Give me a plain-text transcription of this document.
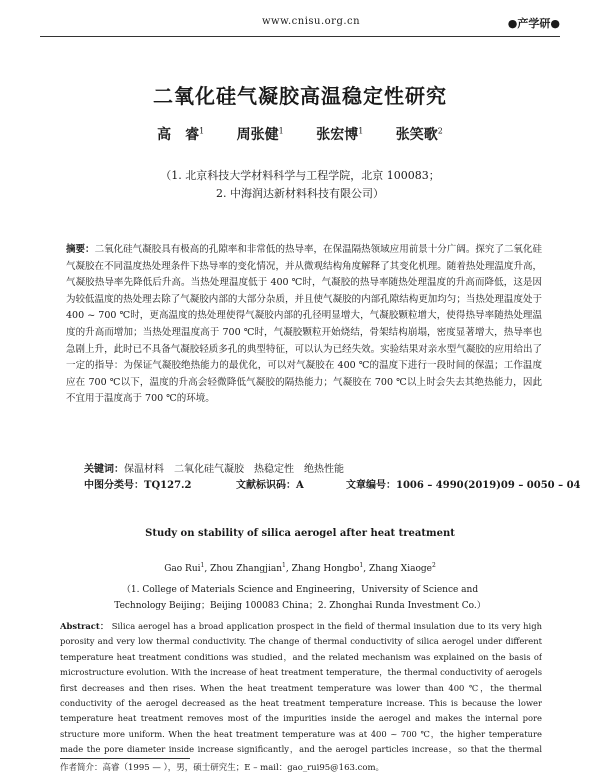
www.cnisu.org.cn	●产学研●
二氧化硅气凝胶高温稳定性研究
高　睿$^1$ 周张健$^1$ 张宏博$^1$ 张笑歌$^2$
（1. 北京科技大学材料科学与工程学院，北京 100083；
2. 中海润达新材料科技有限公司）
摘要：二氧化硅气凝胶具有极高的孔隙率和非常低的热导率，在保温隔热领域应用前景十分广阔。探究了二氧化硅气凝胶在不同温度热处理条件下热导率的变化情况，并从微观结构角度解释了其变化机理。随着热处理温度升高，气凝胶热导率先降低后升高。当热处理温度低于 400 ℃时，气凝胶的热导率随热处理温度的升高而降低，这是因为较低温度的热处理去除了气凝胶内部的大部分杂质，并且使气凝胶的内部孔隙结构更加均匀；当热处理温度处于 400 ~ 700 ℃时，更高温度的热处理使得气凝胶内部的孔径明显增大，气凝胶颗粒增大，使得热导率随热处理温度的升高而增加；当热处理温度高于 700 ℃时，气凝胶颗粒开始烧结，骨架结构崩塌，密度显著增大，热导率也急剧上升，此时已不具备气凝胶轻质多孔的典型特征，可以认为已经失效。实验结果对亲水型气凝胶的应用给出了一定的指导：为保证气凝胶绝热能力的最优化，可以对气凝胶在 400 ℃的温度下进行一段时间的保温；工作温度应在 700 ℃以下，温度的升高会轻微降低气凝胶的隔热能力；气凝胶在 700 ℃以上时会失去其绝热能力，因此不宜用于温度高于 700 ℃的环境。
关键词：保温材料　二氧化硅气凝胶　热稳定性　绝热性能
中图分类号：TQ127.2	文献标识码：A	文章编号：1006 – 4990(2019)09 – 0050 – 04
Study on stability of silica aerogel after heat treatment
Gao Rui$^1$, Zhou Zhangjian$^1$, Zhang Hongbo$^1$, Zhang Xiaoge$^2$
（1. College of Materials Science and Engineering，University of Science and
Technology Beijing；Beijing 100083 China；2. Zhonghai Runda Investment Co.）
Abstract： Silica aerogel has a broad application prospect in the field of thermal insulation due to its very high porosity and very low thermal conductivity. The change of thermal conductivity of silica aerogel under different temperature heat treatment conditions was studied，and the related mechanism was explained on the basis of microstructure evolution. With the increase of heat treatment temperature，the thermal conductivity of aerogels first decreases and then rises. When the heat treatment temperature was lower than 400 ℃，the thermal conductivity of the aerogel decreased as the heat treatment temperature increase. This is because the lower temperature heat treatment removes most of the impurities inside the aerogel and makes the internal pore structure more uniform. When the heat treatment temperature was at 400 ~ 700 ℃，the higher temperature made the pore diameter inside increase significantly，and the aerogel particles increase，so that the thermal
作者简介：高睿（1995 — ），男，硕士研究生；E – mail：gao_rui95@163.com。
